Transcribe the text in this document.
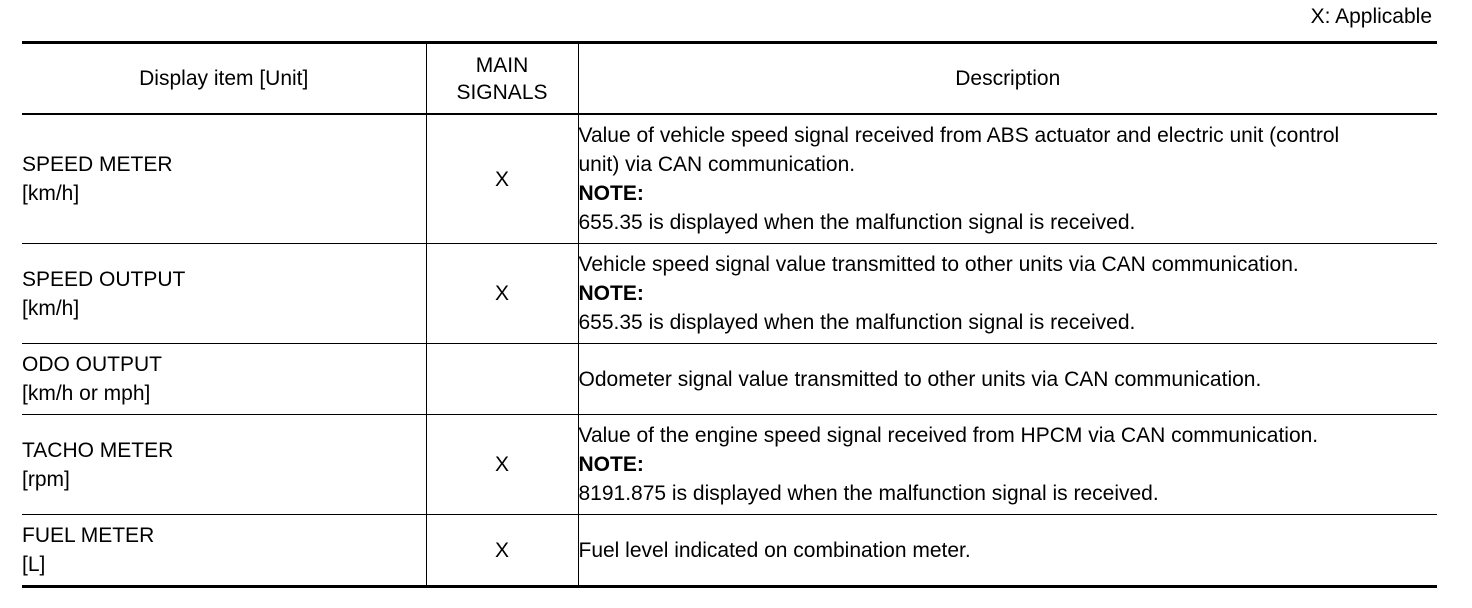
X: Applicable
Display item [Unit]	MAIN
SIGNALS	Description

SPEED METER
[km/h]	X	Value of vehicle speed signal received from ABS actuator and electric unit (control
unit) via CAN communication.
NOTE:
655.35 is displayed when the malfunction signal is received.

SPEED OUTPUT
[km/h]	X	Vehicle speed signal value transmitted to other units via CAN communication.
NOTE:
655.35 is displayed when the malfunction signal is received.

ODO OUTPUT
[km/h or mph]		Odometer signal value transmitted to other units via CAN communication.

TACHO METER
[rpm]	X	Value of the engine speed signal received from HPCM via CAN communication.
NOTE:
8191.875 is displayed when the malfunction signal is received.

FUEL METER
[L]	X	Fuel level indicated on combination meter.
